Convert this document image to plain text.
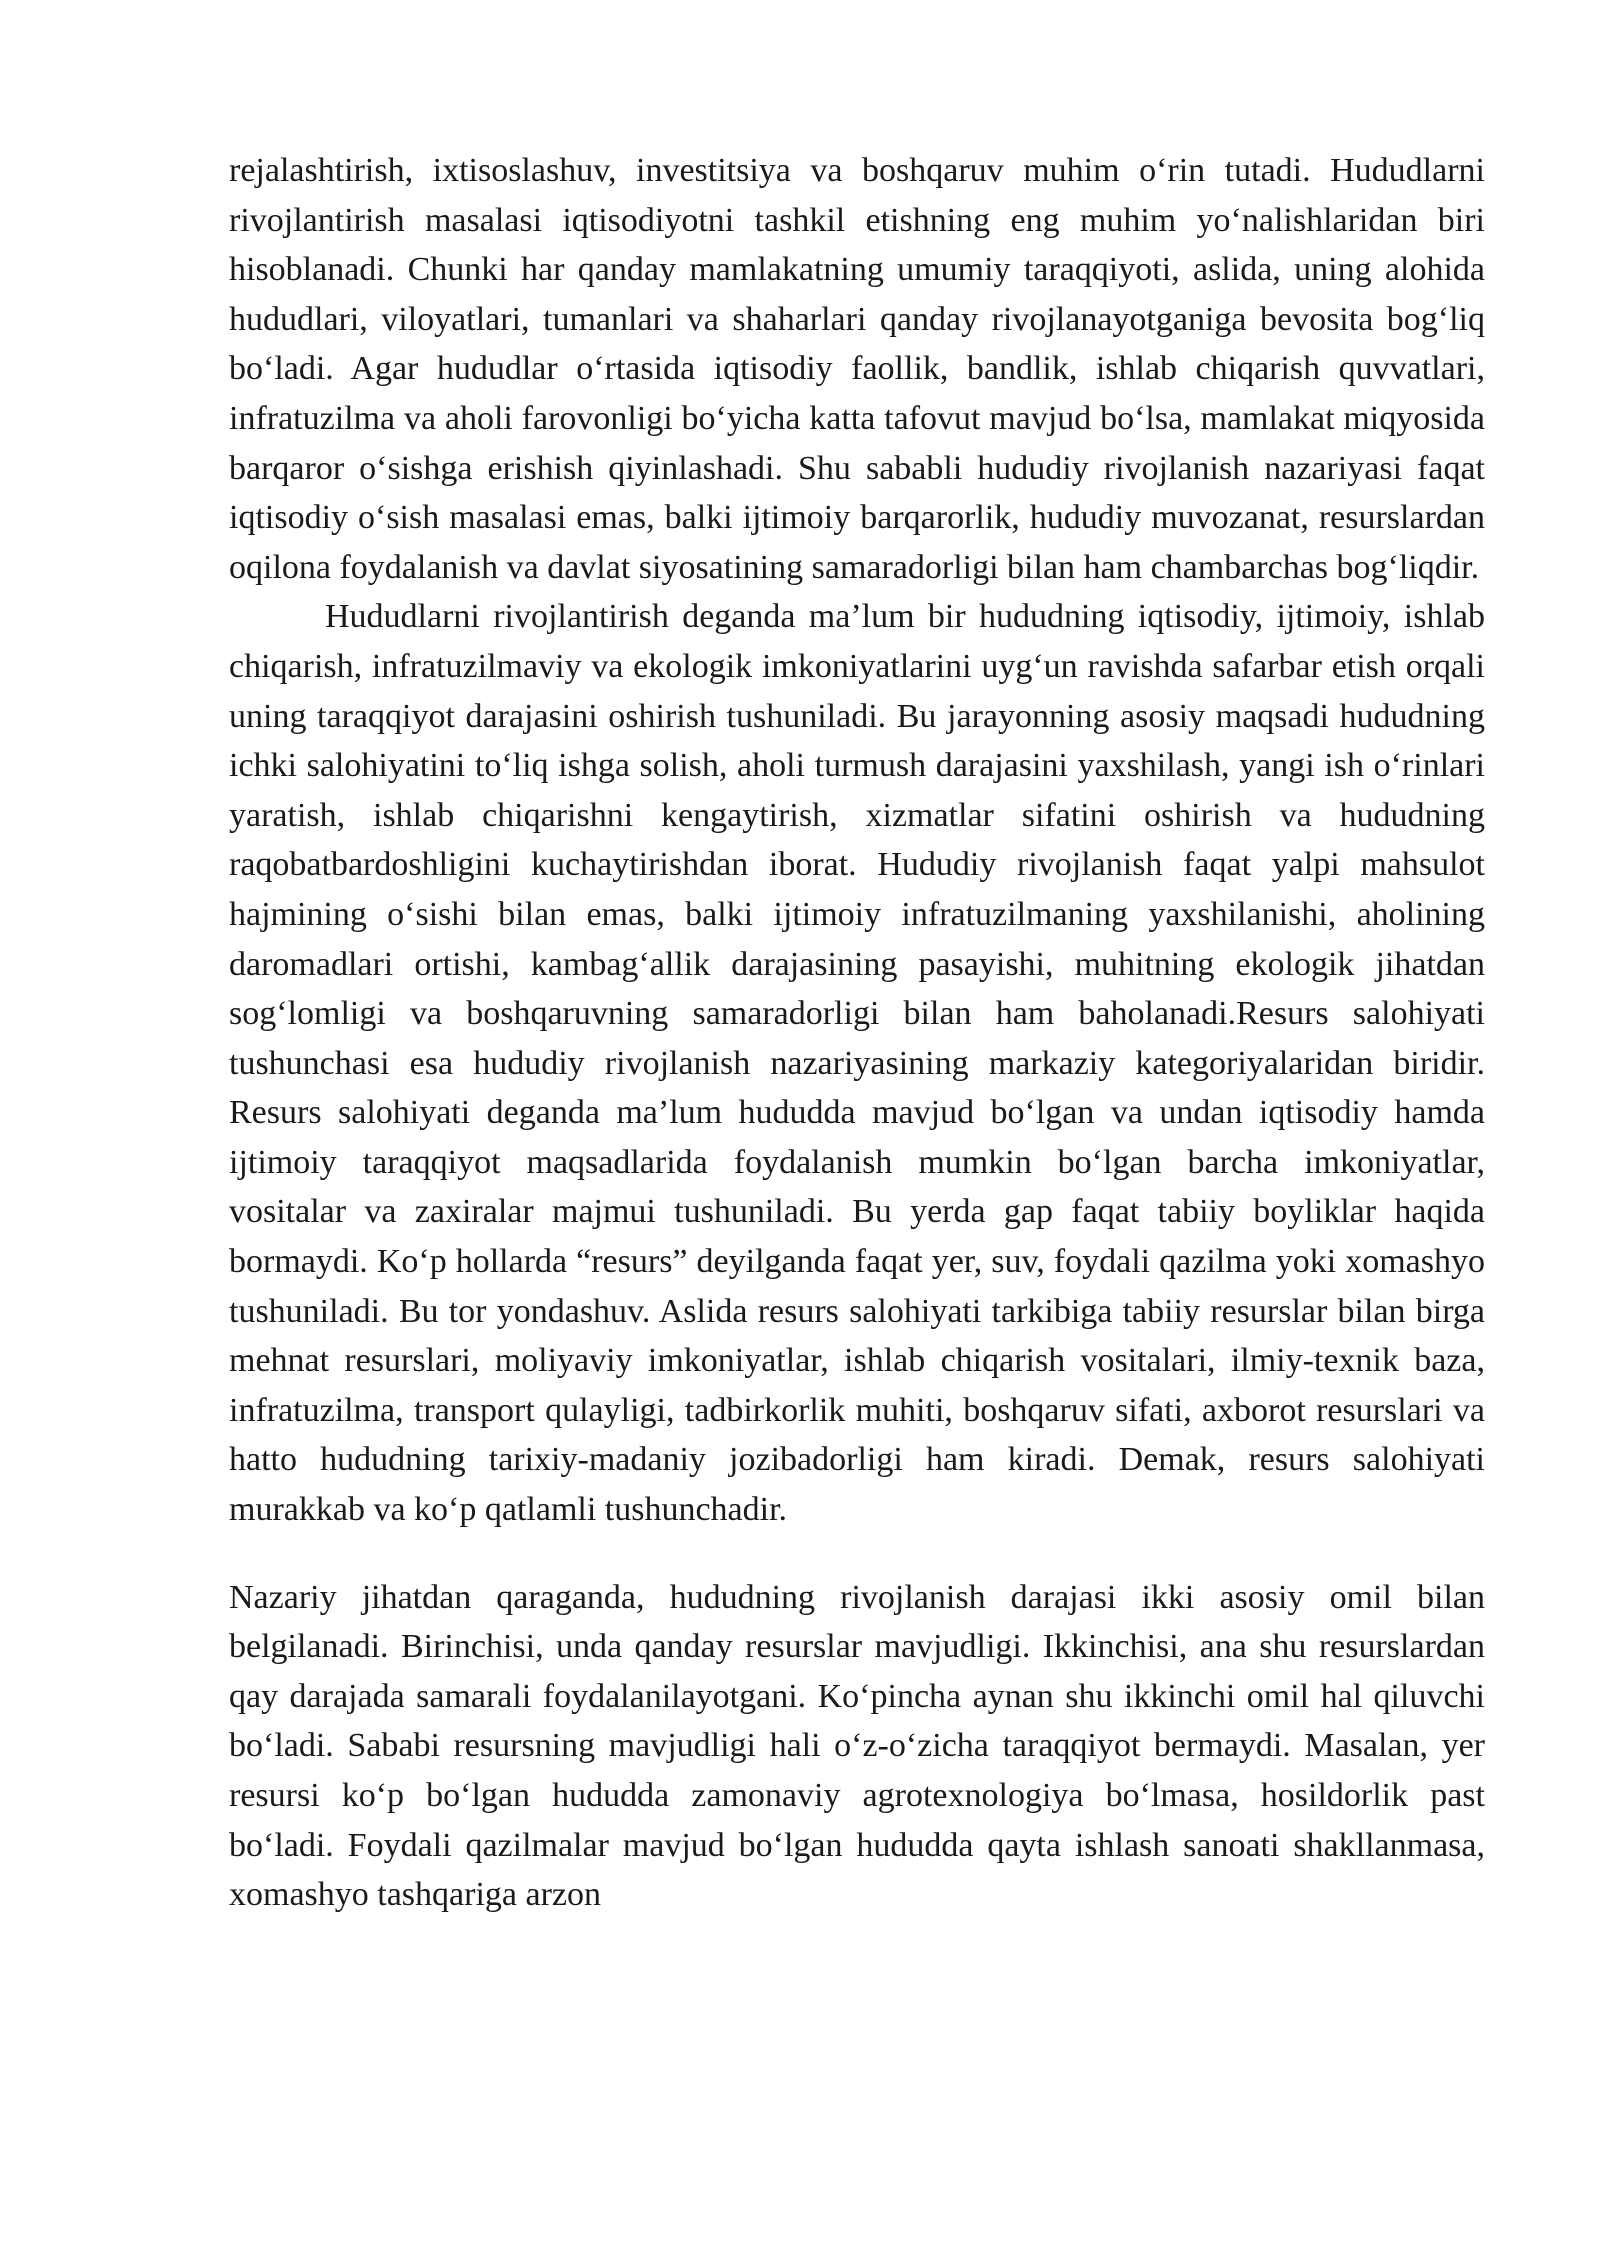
rejalashtirish, ixtisoslashuv, investitsiya va boshqaruv muhim o‘rin tutadi. Hududlarni rivojlantirish masalasi iqtisodiyotni tashkil etishning eng muhim yo‘nalishlaridan biri hisoblanadi. Chunki har qanday mamlakatning umumiy taraqqiyoti, aslida, uning alohida hududlari, viloyatlari, tumanlari va shaharlari qanday rivojlanayotganiga bevosita bog‘liq bo‘ladi. Agar hududlar o‘rtasida iqtisodiy faollik, bandlik, ishlab chiqarish quvvatlari, infratuzilma va aholi farovonligi bo‘yicha katta tafovut mavjud bo‘lsa, mamlakat miqyosida barqaror o‘sishga erishish qiyinlashadi. Shu sababli hududiy rivojlanish nazariyasi faqat iqtisodiy o‘sish masalasi emas, balki ijtimoiy barqarorlik, hududiy muvozanat, resurslardan oqilona foydalanish va davlat siyosatining samaradorligi bilan ham chambarchas bog‘liqdir.

Hududlarni rivojlantirish deganda ma’lum bir hududning iqtisodiy, ijtimoiy, ishlab chiqarish, infratuzilmaviy va ekologik imkoniyatlarini uyg‘un ravishda safarbar etish orqali uning taraqqiyot darajasini oshirish tushuniladi. Bu jarayonning asosiy maqsadi hududning ichki salohiyatini to‘liq ishga solish, aholi turmush darajasini yaxshilash, yangi ish o‘rinlari yaratish, ishlab chiqarishni kengaytirish, xizmatlar sifatini oshirish va hududning raqobatbardoshligini kuchaytirishdan iborat. Hududiy rivojlanish faqat yalpi mahsulot hajmining o‘sishi bilan emas, balki ijtimoiy infratuzilmaning yaxshilanishi, aholining daromadlari ortishi, kambag‘allik darajasining pasayishi, muhitning ekologik jihatdan sog‘lomligi va boshqaruvning samaradorligi bilan ham baholanadi.Resurs salohiyati tushunchasi esa hududiy rivojlanish nazariyasining markaziy kategoriyalaridan biridir. Resurs salohiyati deganda ma’lum hududda mavjud bo‘lgan va undan iqtisodiy hamda ijtimoiy taraqqiyot maqsadlarida foydalanish mumkin bo‘lgan barcha imkoniyatlar, vositalar va zaxiralar majmui tushuniladi. Bu yerda gap faqat tabiiy boyliklar haqida bormaydi. Ko‘p hollarda “resurs” deyilganda faqat yer, suv, foydali qazilma yoki xomashyo tushuniladi. Bu tor yondashuv. Aslida resurs salohiyati tarkibiga tabiiy resurslar bilan birga mehnat resurslari, moliyaviy imkoniyatlar, ishlab chiqarish vositalari, ilmiy-texnik baza, infratuzilma, transport qulayligi, tadbirkorlik muhiti, boshqaruv sifati, axborot resurslari va hatto hududning tarixiy-madaniy jozibadorligi ham kiradi. Demak, resurs salohiyati murakkab va ko‘p qatlamli tushunchadir.

Nazariy jihatdan qaraganda, hududning rivojlanish darajasi ikki asosiy omil bilan belgilanadi. Birinchisi, unda qanday resurslar mavjudligi. Ikkinchisi, ana shu resurslardan qay darajada samarali foydalanilayotgani. Ko‘pincha aynan shu ikkinchi omil hal qiluvchi bo‘ladi. Sababi resursning mavjudligi hali o‘z-o‘zicha taraqqiyot bermaydi. Masalan, yer resursi ko‘p bo‘lgan hududda zamonaviy agrotexnologiya bo‘lmasa, hosildorlik past bo‘ladi. Foydali qazilmalar mavjud bo‘lgan hududda qayta ishlash sanoati shakllanmasa, xomashyo tashqariga arzon
